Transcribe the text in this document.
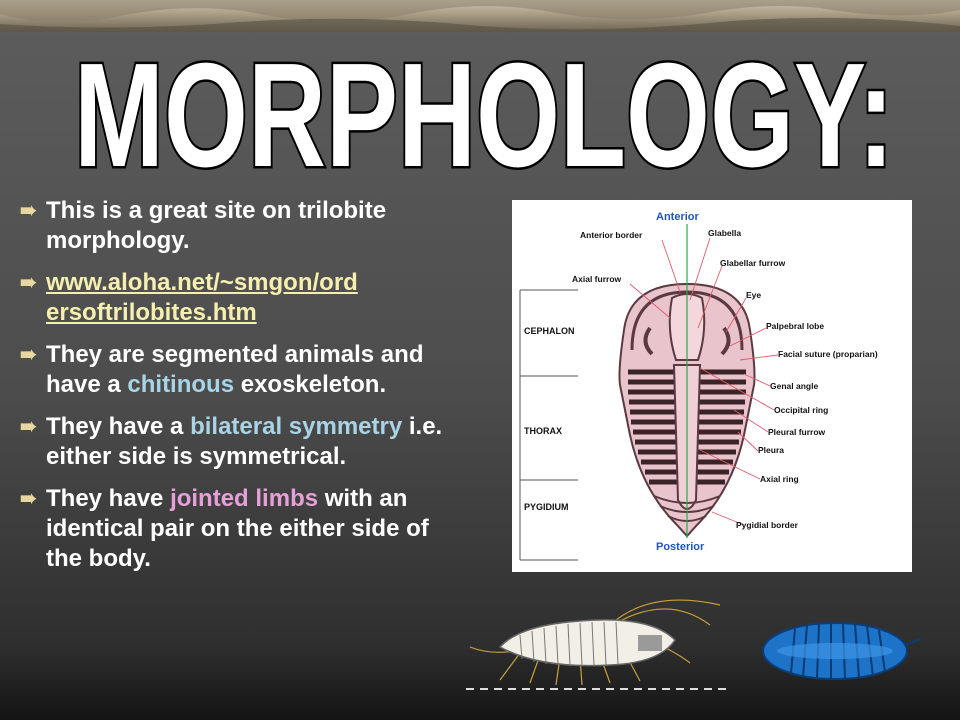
MORPHOLOGY:
➠ This is a great site on trilobite morphology.
➠ www.aloha.net/~smgon/ord
ersoftrilobites.htm
➠ They are segmented animals and have a chitinous exoskeleton.
➠ They have a bilateral symmetry i.e. either side is symmetrical.
➠ They have jointed limbs with an identical pair on the either side of the body.
Anterior
Posterior
CEPHALON
THORAX
PYGIDIUM
Anterior border	Glabella
Glabellar furrow
Axial furrow
Eye
Palpebral lobe
Facial suture (proparian)
Genal angle
Occipital ring
Pleural furrow
Pleura
Axial ring
Pygidial border
